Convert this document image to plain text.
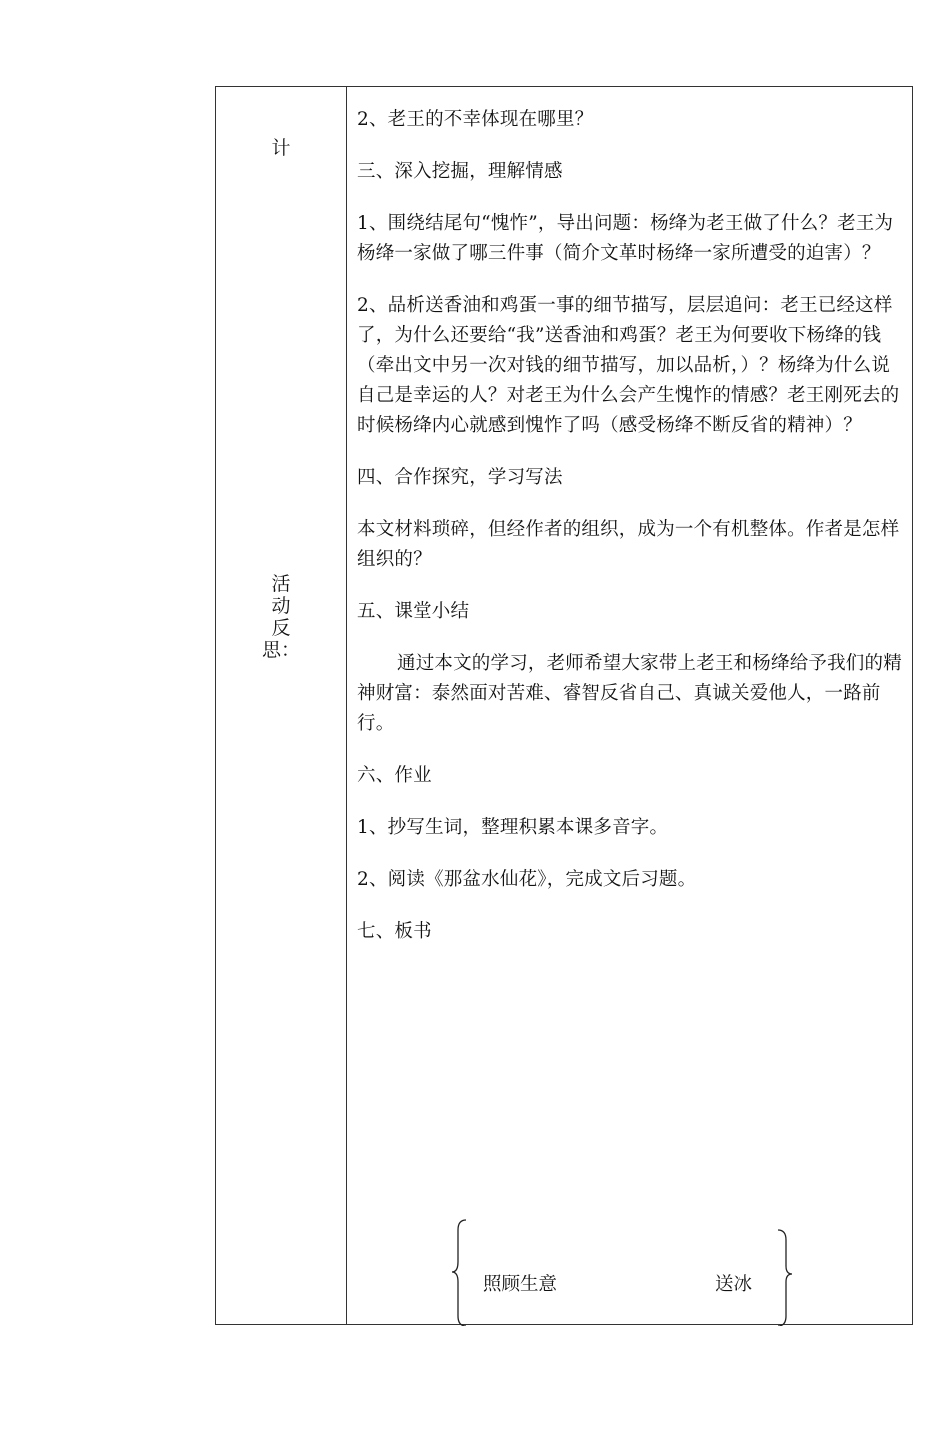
计
活
动
反
思：

2、老王的不幸体现在哪里？

三、深入挖掘，理解情感

1、围绕结尾句“愧怍”，导出问题：杨绛为老王做了什么？老王为杨绛一家做了哪三件事（简介文革时杨绛一家所遭受的迫害）？

2、品析送香油和鸡蛋一事的细节描写，层层追问：老王已经这样了，为什么还要给“我”送香油和鸡蛋？老王为何要收下杨绛的钱（牵出文中另一次对钱的细节描写，加以品析，）？杨绛为什么说自己是幸运的人？对老王为什么会产生愧怍的情感？老王刚死去的时候杨绛内心就感到愧怍了吗（感受杨绛不断反省的精神）？

四、合作探究，学习写法

本文材料琐碎，但经作者的组织，成为一个有机整体。作者是怎样组织的？

五、课堂小结

通过本文的学习，老师希望大家带上老王和杨绛给予我们的精神财富：泰然面对苦难、睿智反省自己、真诚关爱他人，一路前行。

六、作业

1、抄写生词，整理积累本课多音字。

2、阅读《那盆水仙花》，完成文后习题。

七、板书

照顾生意	送冰
